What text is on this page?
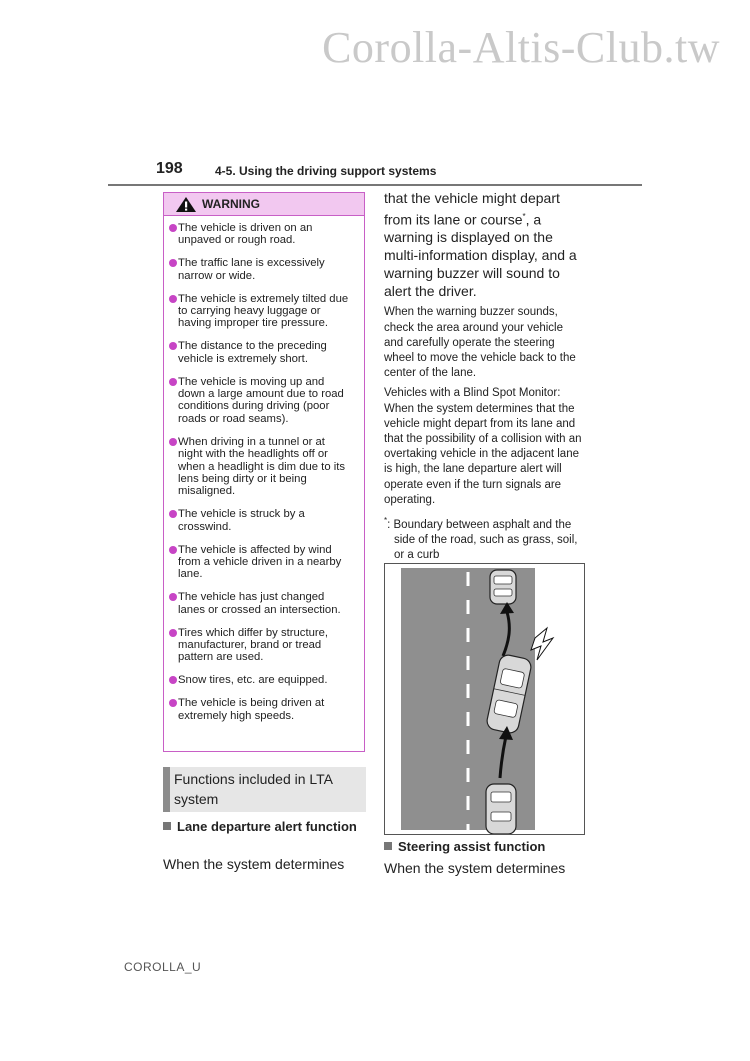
Corolla-Altis-Club.tw
198	4-5. Using the driving support systems
WARNING
The vehicle is driven on an unpaved or rough road.
The traffic lane is excessively narrow or wide.
The vehicle is extremely tilted due to carrying heavy luggage or having improper tire pressure.
The distance to the preceding vehicle is extremely short.
The vehicle is moving up and down a large amount due to road conditions during driving (poor roads or road seams).
When driving in a tunnel or at night with the headlights off or when a headlight is dim due to its lens being dirty or it being misaligned.
The vehicle is struck by a crosswind.
The vehicle is affected by wind from a vehicle driven in a nearby lane.
The vehicle has just changed lanes or crossed an intersection.
Tires which differ by structure, manufacturer, brand or tread pattern are used.
Snow tires, etc. are equipped.
The vehicle is being driven at extremely high speeds.
Functions included in LTA system
Lane departure alert function
When the system determines

that the vehicle might depart from its lane or course*, a warning is displayed on the multi-information display, and a warning buzzer will sound to alert the driver.

When the warning buzzer sounds, check the area around your vehicle and carefully operate the steering wheel to move the vehicle back to the center of the lane.

Vehicles with a Blind Spot Monitor: When the system determines that the vehicle might depart from its lane and that the possibility of a collision with an overtaking vehicle in the adjacent lane is high, the lane departure alert will operate even if the turn signals are operating.

*: Boundary between asphalt and the side of the road, such as grass, soil, or a curb
Steering assist function
When the system determines
COROLLA_U
